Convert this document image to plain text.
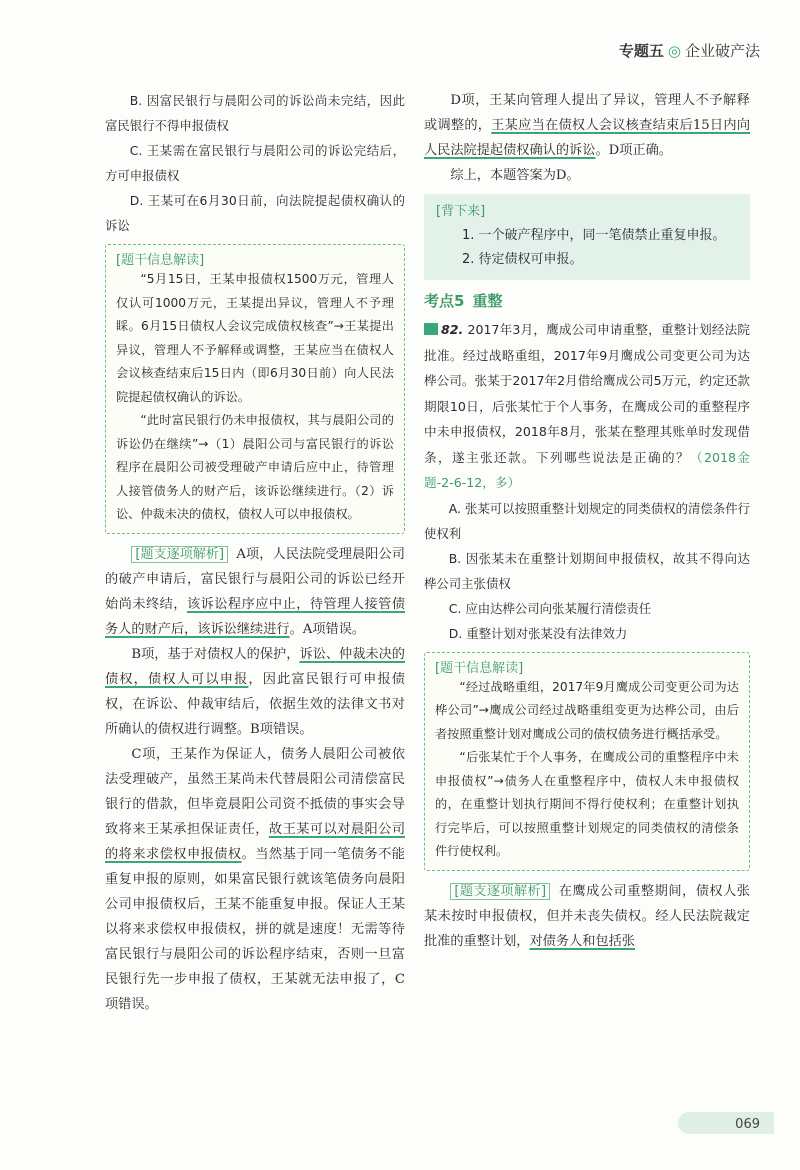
专题五 ◎ 企业破产法

B. 因富民银行与晨阳公司的诉讼尚未完结，因此富民银行不得申报债权

C. 王某需在富民银行与晨阳公司的诉讼完结后，方可申报债权

D. 王某可在6月30日前，向法院提起债权确认的诉讼

[题干信息解读]

“5月15日，王某申报债权1500万元，管理人仅认可1000万元，王某提出异议，管理人不予理睬。6月15日债权人会议完成债权核查”→王某提出异议，管理人不予解释或调整，王某应当在债权人会议核查结束后15日内（即6月30日前）向人民法院提起债权确认的诉讼。

“此时富民银行仍未申报债权，其与晨阳公司的诉讼仍在继续”→（1）晨阳公司与富民银行的诉讼程序在晨阳公司被受理破产申请后应中止，待管理人接管债务人的财产后，该诉讼继续进行。（2）诉讼、仲裁未决的债权，债权人可以申报债权。

[题支逐项解析] A项，人民法院受理晨阳公司的破产申请后，富民银行与晨阳公司的诉讼已经开始尚未终结，该诉讼程序应中止，待管理人接管债务人的财产后，该诉讼继续进行。A项错误。

B项，基于对债权人的保护，诉讼、仲裁未决的债权，债权人可以申报，因此富民银行可申报债权，在诉讼、仲裁审结后，依据生效的法律文书对所确认的债权进行调整。B项错误。

C项，王某作为保证人，债务人晨阳公司被依法受理破产，虽然王某尚未代替晨阳公司清偿富民银行的借款，但毕竟晨阳公司资不抵债的事实会导致将来王某承担保证责任，故王某可以对晨阳公司的将来求偿权申报债权。当然基于同一笔债务不能重复申报的原则，如果富民银行就该笔债务向晨阳公司申报债权后，王某不能重复申报。保证人王某以将来求偿权申报债权，拼的就是速度！无需等待富民银行与晨阳公司的诉讼程序结束，否则一旦富民银行先一步申报了债权，王某就无法申报了，C项错误。

D项，王某向管理人提出了异议，管理人不予解释或调整的，王某应当在债权人会议核查结束后15日内向人民法院提起债权确认的诉讼。D项正确。

综上，本题答案为D。

[背下来]

1. 一个破产程序中，同一笔债禁止重复申报。

2. 待定债权可申报。

考点5 重整

82. 2017年3月，鹰成公司申请重整，重整计划经法院批准。经过战略重组，2017年9月鹰成公司变更公司为达桦公司。张某于2017年2月借给鹰成公司5万元，约定还款期限10日，后张某忙于个人事务，在鹰成公司的重整程序中未申报债权，2018年8月，张某在整理其账单时发现借条，遂主张还款。下列哪些说法是正确的？（2018金题-2-6-12，多）

A. 张某可以按照重整计划规定的同类债权的清偿条件行使权利

B. 因张某未在重整计划期间申报债权，故其不得向达桦公司主张债权

C. 应由达桦公司向张某履行清偿责任

D. 重整计划对张某没有法律效力

[题干信息解读]

“经过战略重组，2017年9月鹰成公司变更公司为达桦公司”→鹰成公司经过战略重组变更为达桦公司，由后者按照重整计划对鹰成公司的债权债务进行概括承受。

“后张某忙于个人事务，在鹰成公司的重整程序中未申报债权”→债务人在重整程序中，债权人未申报债权的，在重整计划执行期间不得行使权利；在重整计划执行完毕后，可以按照重整计划规定的同类债权的清偿条件行使权利。

[题支逐项解析] 在鹰成公司重整期间，债权人张某未按时申报债权，但并未丧失债权。经人民法院裁定批准的重整计划，对债务人和包括张

069
